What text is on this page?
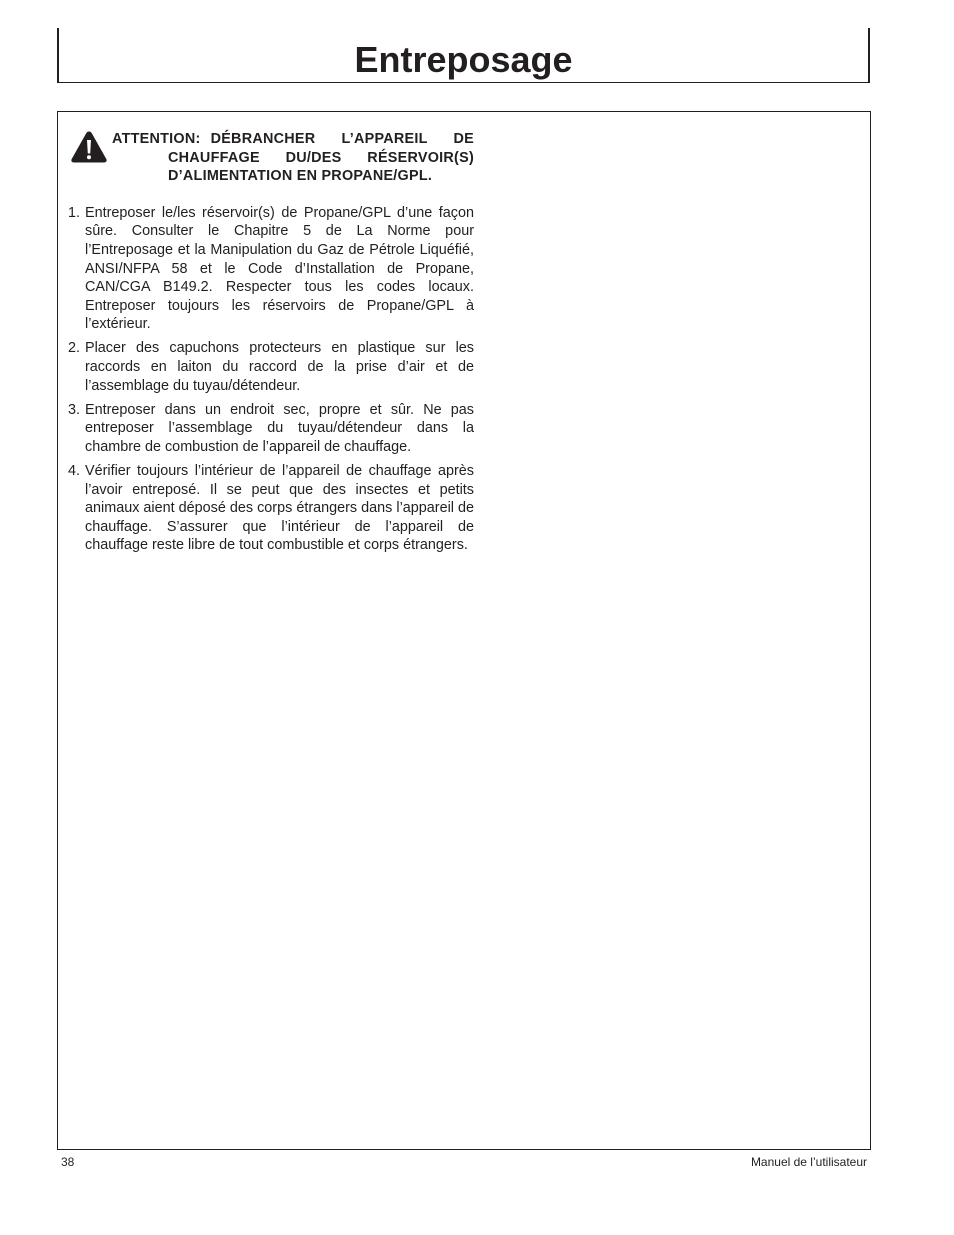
Entreposage

ATTENTION: DÉBRANCHER L’APPAREIL DE
CHAUFFAGE DU/DES RÉSERVOIR(S)
D’ALIMENTATION EN PROPANE/GPL.

1. Entreposer le/les réservoir(s) de Propane/GPL d’une façon sûre. Consulter le Chapitre 5 de La Norme pour l’Entreposage et la Manipulation du Gaz de Pétrole Liquéfié, ANSI/NFPA 58 et le Code d’Installation de Propane, CAN/CGA B149.2. Respecter tous les codes locaux. Entreposer toujours les réservoirs de Propane/GPL à l’extérieur.
2. Placer des capuchons protecteurs en plastique sur les raccords en laiton du raccord de la prise d’air et de l’assemblage du tuyau/détendeur.
3. Entreposer dans un endroit sec, propre et sûr. Ne pas entreposer l’assemblage du tuyau/détendeur dans la chambre de combustion de l’appareil de chauffage.
4. Vérifier toujours l’intérieur de l’appareil de chauffage après l’avoir entreposé. Il se peut que des insectes et petits animaux aient déposé des corps étrangers dans l’appareil de chauffage. S’assurer que l’intérieur de l’appareil de chauffage reste libre de tout combustible et corps étrangers.
38	Manuel de l’utilisateur
